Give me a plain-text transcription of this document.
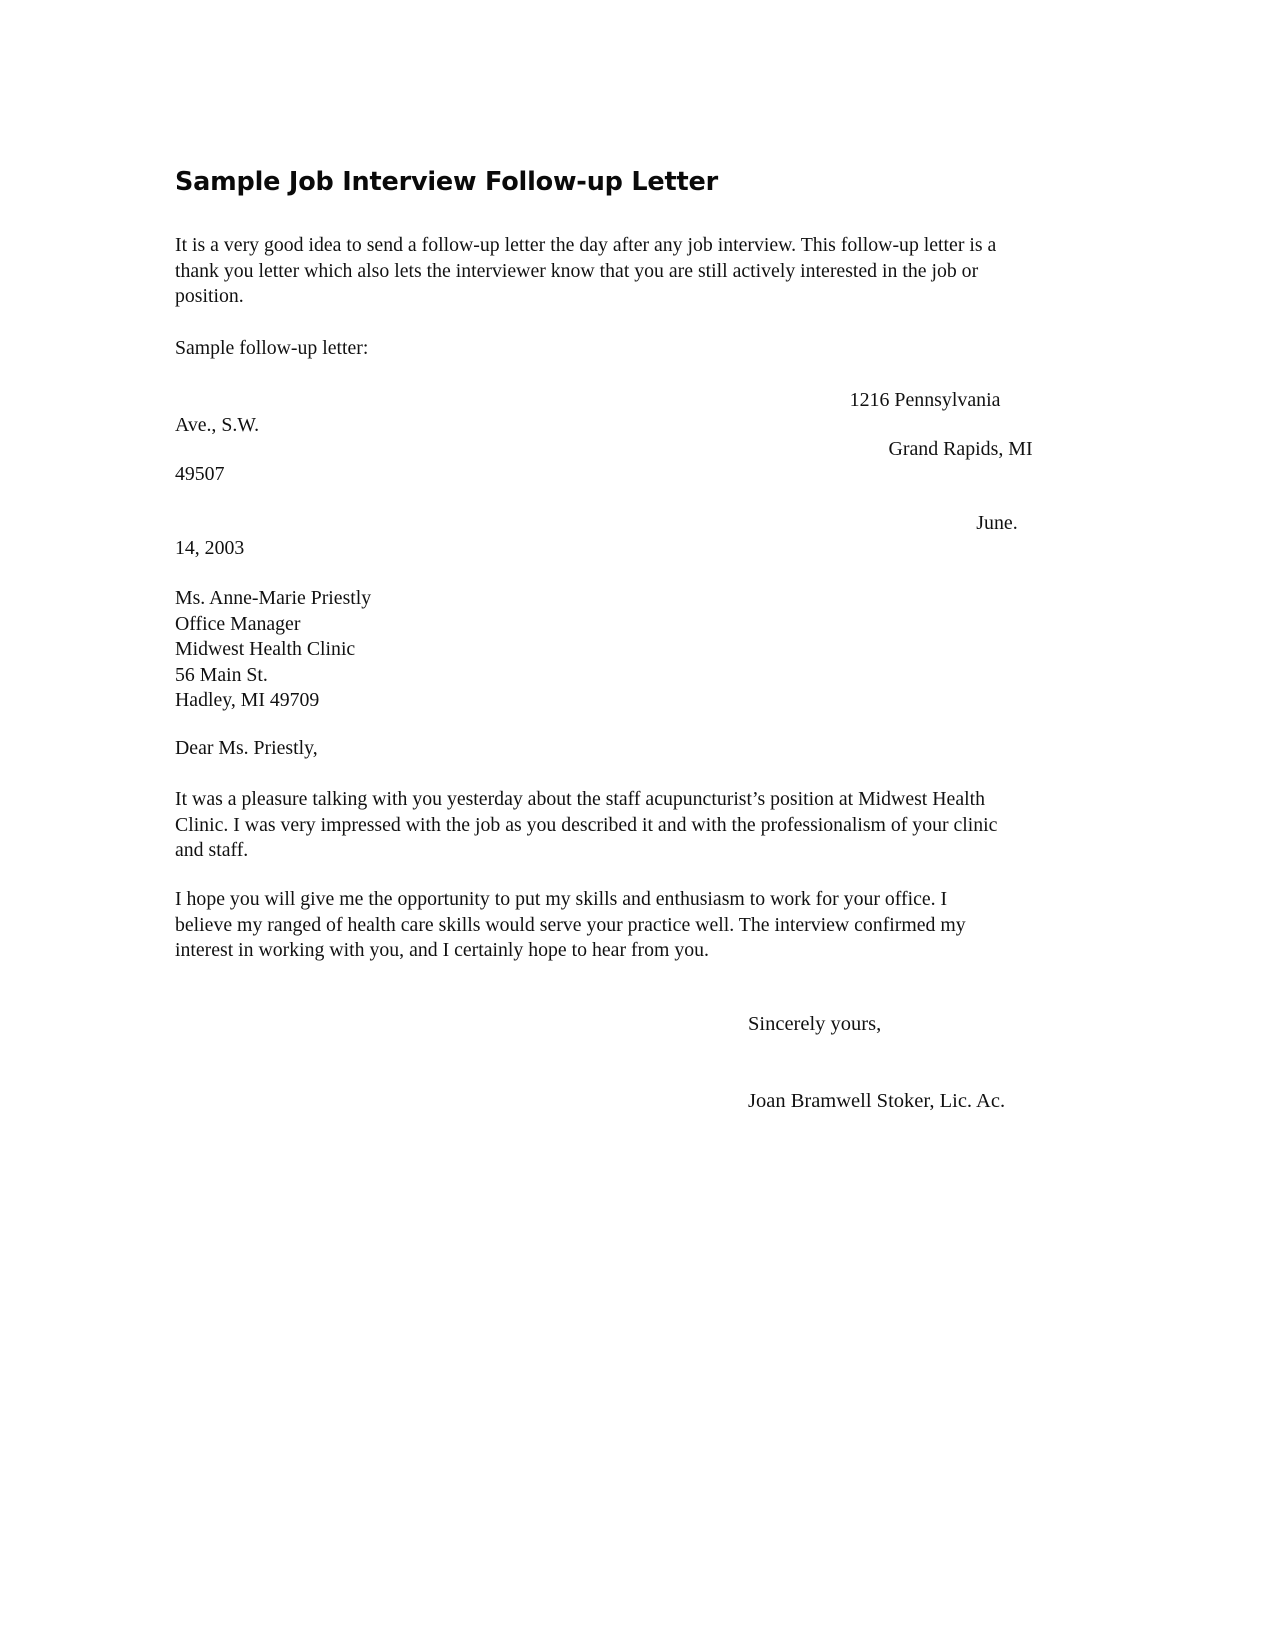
Sample Job Interview Follow-up Letter
It is a very good idea to send a follow-up letter the day after any job interview. This follow-up letter is a thank you letter which also lets the interviewer know that you are still actively interested in the job or position.
Sample follow-up letter:
1216 Pennsylvania
Ave., S.W.
Grand Rapids, MI
49507
June.
14, 2003
Ms. Anne-Marie Priestly
Office Manager
Midwest Health Clinic
56 Main St.
Hadley, MI 49709
Dear Ms. Priestly,
It was a pleasure talking with you yesterday about the staff acupuncturist’s position at Midwest Health Clinic. I was very impressed with the job as you described it and with the professionalism of your clinic and staff.
I hope you will give me the opportunity to put my skills and enthusiasm to work for your office. I believe my ranged of health care skills would serve your practice well. The interview confirmed my interest in working with you, and I certainly hope to hear from you.
Sincerely yours,
Joan Bramwell Stoker, Lic. Ac.
